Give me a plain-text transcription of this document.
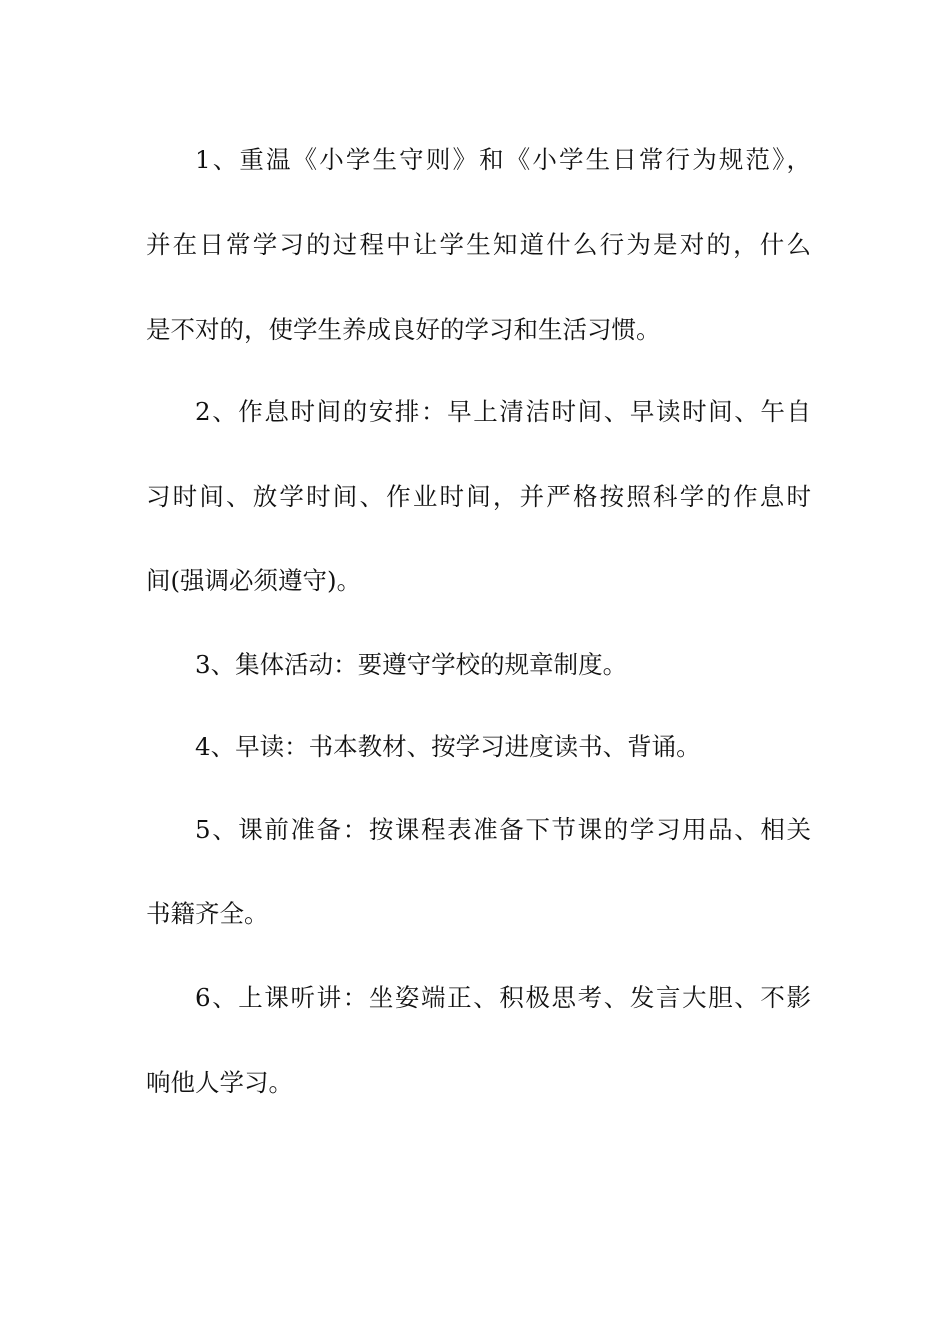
1、重温《小学生守则》和《小学生日常行为规范》，
并在日常学习的过程中让学生知道什么行为是对的，什么
是不对的，使学生养成良好的学习和生活习惯。
2、作息时间的安排：早上清洁时间、早读时间、午自
习时间、放学时间、作业时间，并严格按照科学的作息时
间(强调必须遵守)。
3、集体活动：要遵守学校的规章制度。
4、早读：书本教材、按学习进度读书、背诵。
5、课前准备：按课程表准备下节课的学习用品、相关
书籍齐全。
6、上课听讲：坐姿端正、积极思考、发言大胆、不影
响他人学习。
